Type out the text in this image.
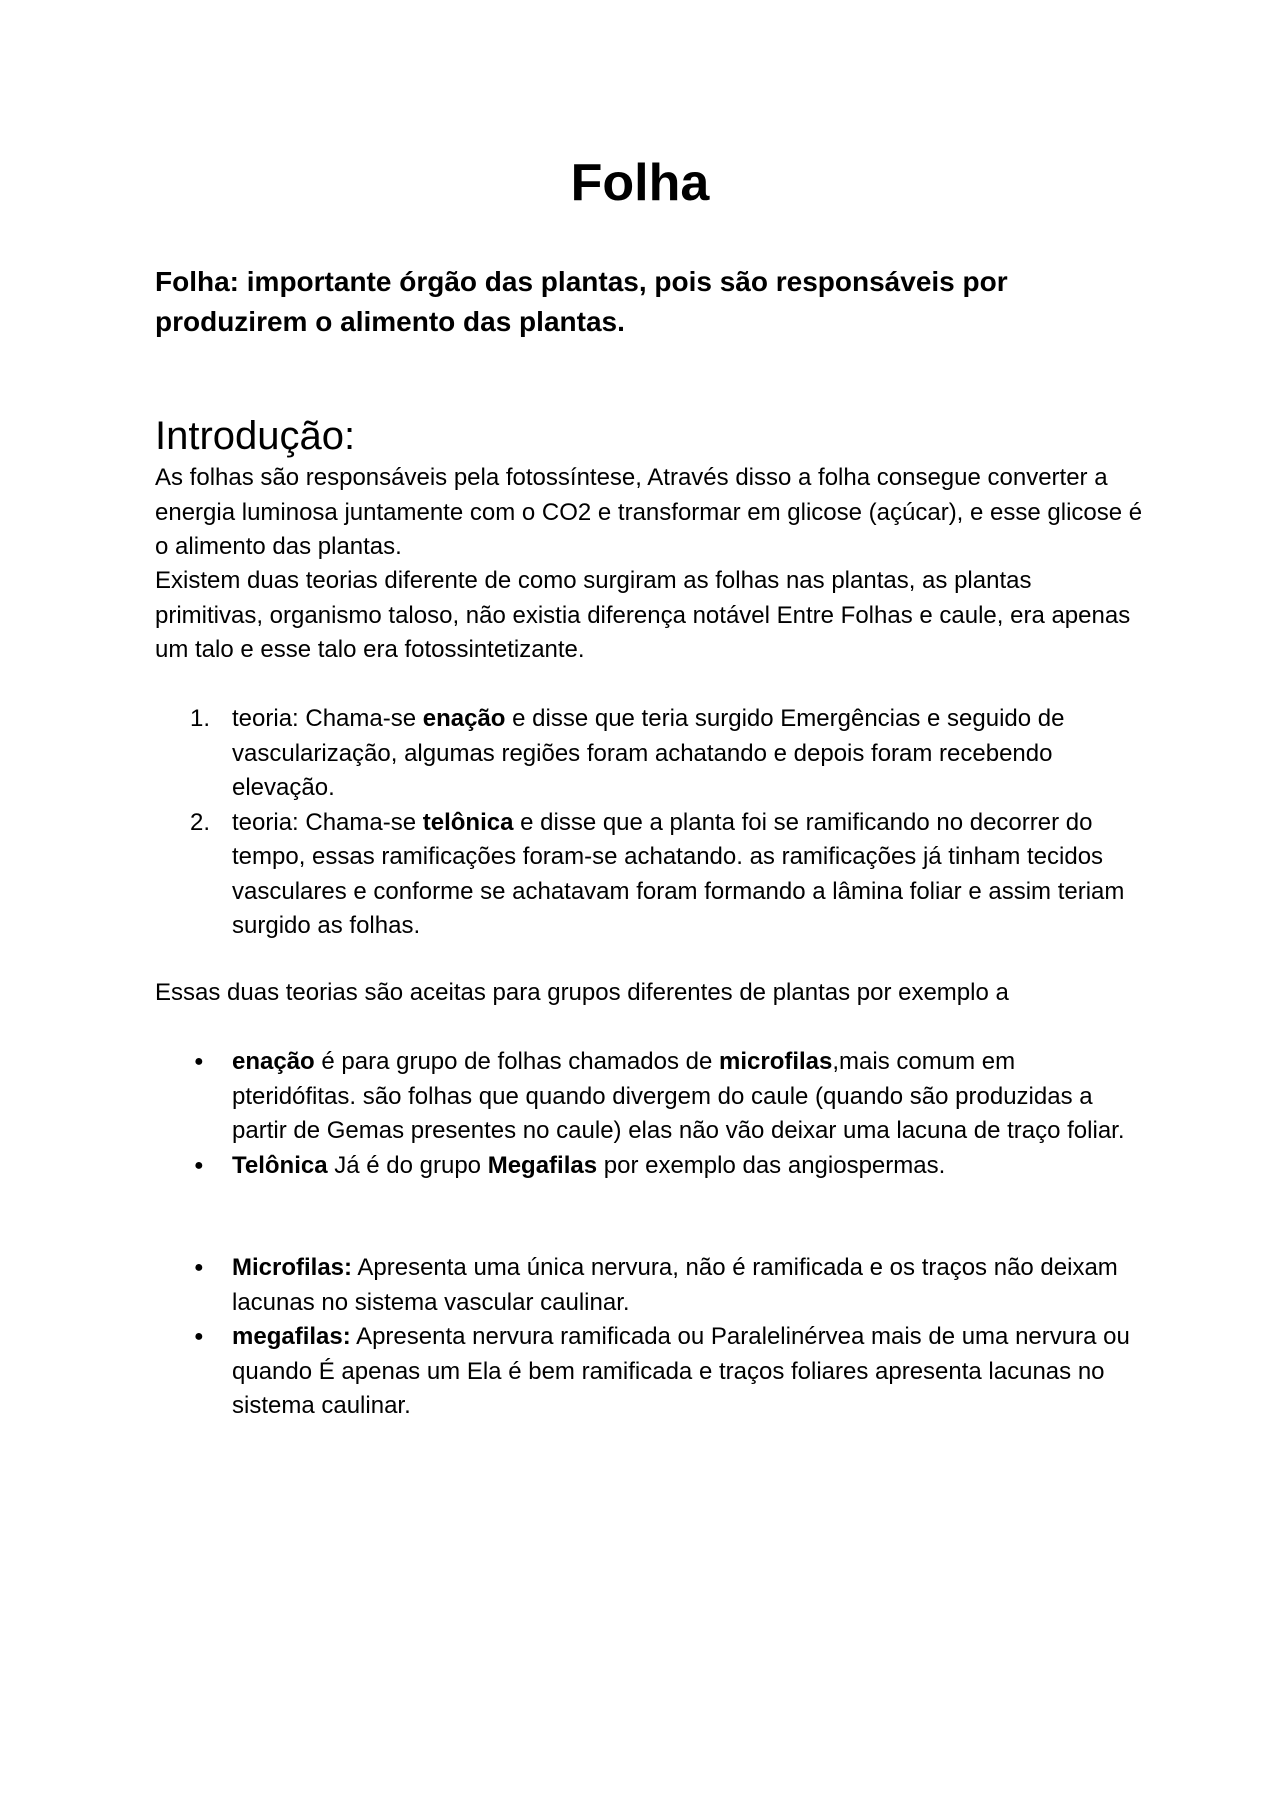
Folha

Folha: importante órgão das plantas, pois são responsáveis por produzirem o alimento das plantas.

Introdução:

As folhas são responsáveis pela fotossíntese, Através disso a folha consegue converter a energia luminosa juntamente com o CO2 e transformar em glicose (açúcar), e esse glicose é o alimento das plantas.

Existem duas teorias diferente de como surgiram as folhas nas plantas, as plantas primitivas, organismo taloso, não existia diferença notável Entre Folhas e caule, era apenas um talo e esse talo era fotossintetizante.

1. teoria: Chama-se enação e disse que teria surgido Emergências e seguido de vascularização, algumas regiões foram achatando e depois foram recebendo elevação.
2. teoria: Chama-se telônica e disse que a planta foi se ramificando no decorrer do tempo, essas ramificações foram-se achatando. as ramificações já tinham tecidos vasculares e conforme se achatavam foram formando a lâmina foliar e assim teriam surgido as folhas.

Essas duas teorias são aceitas para grupos diferentes de plantas por exemplo a

● enação é para grupo de folhas chamados de microfilas,mais comum em pteridófitas. são folhas que quando divergem do caule (quando são produzidas a partir de Gemas presentes no caule) elas não vão deixar uma lacuna de traço foliar.
● Telônica Já é do grupo Megafilas por exemplo das angiospermas.
● Microfilas: Apresenta uma única nervura, não é ramificada e os traços não deixam lacunas no sistema vascular caulinar.
● megafilas: Apresenta nervura ramificada ou Paralelinérvea mais de uma nervura ou quando É apenas um Ela é bem ramificada e traços foliares apresenta lacunas no sistema caulinar.
